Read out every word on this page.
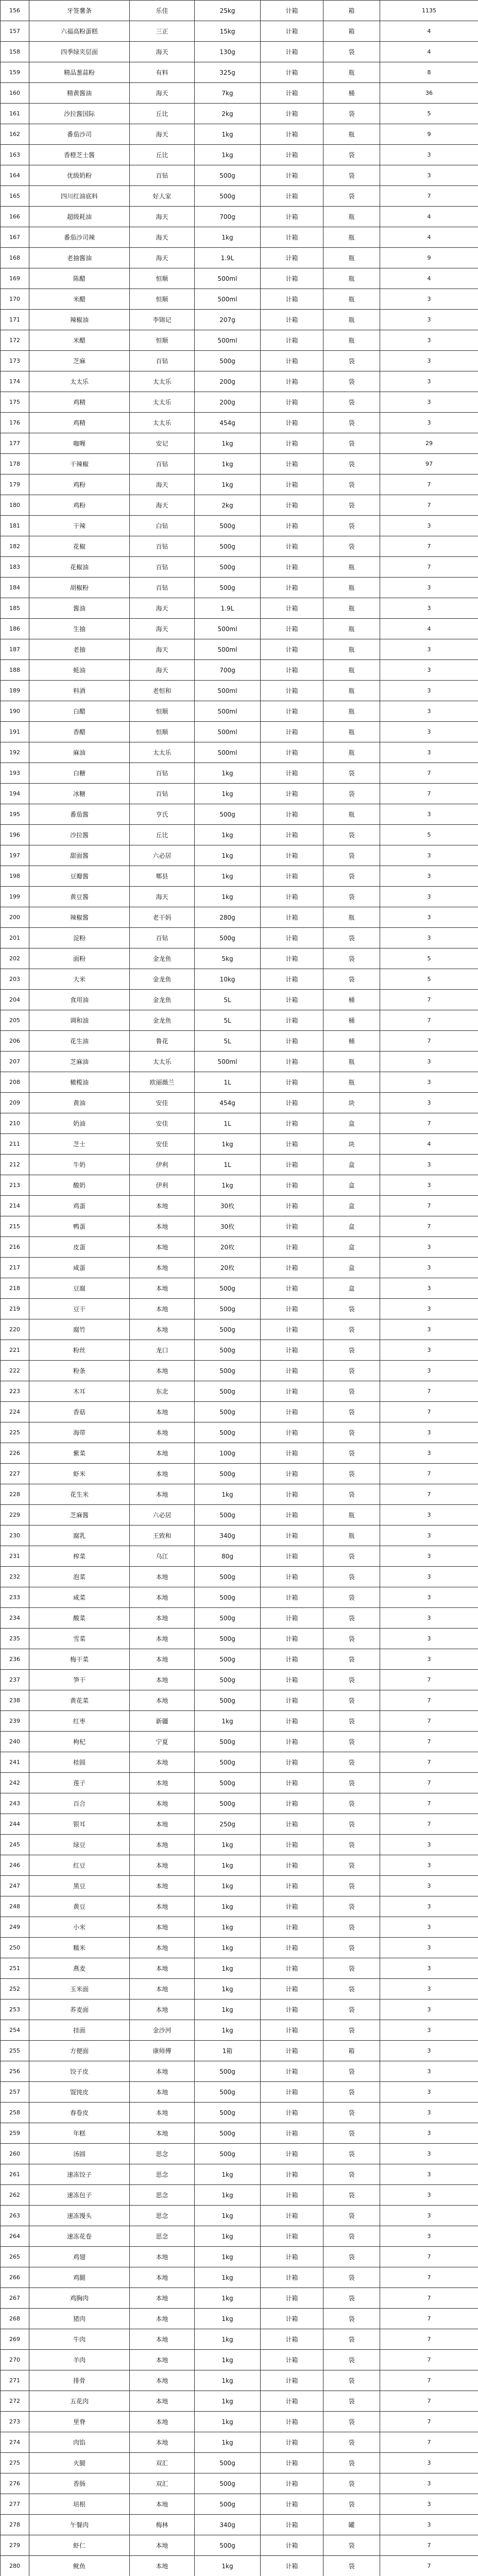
156	牙签薯条	乐佳	25kg	计箱	箱	1135
157	六福高粉蛋糕	三正	15kg	计箱	箱	4
158	四季绿夹层面	海天	130g	计箱	袋	4
159	精品葱蒜粉	有料	325g	计箱	瓶	8
160	精黄酱油	海天	7kg	计箱	桶	36
161	沙拉酱国际	丘比	2kg	计箱	袋	5
162	番茄沙司	海天	1kg	计箱	瓶	9
163	香橙芝士酱	丘比	1kg	计箱	袋	3
164	优级奶粉	百钻	500g	计箱	袋	3
165	四川红油底料	好人家	500g	计箱	袋	7
166	超级耗油	海天	700g	计箱	瓶	4
167	番茄沙司辣	海天	1kg	计箱	瓶	4
168	老抽酱油	海天	1.9L	计箱	瓶	9
169	陈醋	恒顺	500ml	计箱	瓶	4
170	米醋	恒顺	500ml	计箱	瓶	3
171	辣椒油	李锦记	207g	计箱	瓶	3
172	米醋	恒顺	500ml	计箱	瓶	3
173	芝麻	百钻	500g	计箱	袋	3
174	太太乐	太太乐	200g	计箱	袋	3
175	鸡精	太太乐	200g	计箱	袋	3
176	鸡精	太太乐	454g	计箱	袋	3
177	咖喱	安记	1kg	计箱	袋	29
178	干辣椒	百钻	1kg	计箱	袋	97
179	鸡粉	海天	1kg	计箱	袋	7
180	鸡粉	海天	2kg	计箱	袋	7
181	干辣	白钻	500g	计箱	袋	3
182	花椒	百钻	500g	计箱	袋	7
183	花椒油	百钻	500g	计箱	瓶	7
184	胡椒粉	百钻	500g	计箱	瓶	3
185	酱油	海天	1.9L	计箱	瓶	3
186	生抽	海天	500ml	计箱	瓶	4
187	老抽	海天	500ml	计箱	瓶	3
188	蚝油	海天	700g	计箱	瓶	3
189	料酒	老恒和	500ml	计箱	瓶	3
190	白醋	恒顺	500ml	计箱	瓶	3
191	香醋	恒顺	500ml	计箱	瓶	3
192	麻油	太太乐	500ml	计箱	瓶	3
193	白糖	百钻	1kg	计箱	袋	7
194	冰糖	百钻	1kg	计箱	袋	7
195	番茄酱	亨氏	500g	计箱	瓶	3
196	沙拉酱	丘比	1kg	计箱	袋	5
197	甜面酱	六必居	1kg	计箱	袋	3
198	豆瓣酱	郫县	1kg	计箱	袋	3
199	黄豆酱	海天	1kg	计箱	袋	3
200	辣椒酱	老干妈	280g	计箱	瓶	3
201	淀粉	百钻	500g	计箱	袋	3
202	面粉	金龙鱼	5kg	计箱	袋	5
203	大米	金龙鱼	10kg	计箱	袋	5
204	食用油	金龙鱼	5L	计箱	桶	7
205	调和油	金龙鱼	5L	计箱	桶	7
206	花生油	鲁花	5L	计箱	桶	7
207	芝麻油	太太乐	500ml	计箱	瓶	3
208	橄榄油	欧丽薇兰	1L	计箱	瓶	3
209	黄油	安佳	454g	计箱	块	3
210	奶油	安佳	1L	计箱	盒	7
211	芝士	安佳	1kg	计箱	块	4
212	牛奶	伊利	1L	计箱	盒	3
213	酸奶	伊利	1kg	计箱	盒	3
214	鸡蛋	本地	30枚	计箱	盒	7
215	鸭蛋	本地	30枚	计箱	盒	7
216	皮蛋	本地	20枚	计箱	盒	3
217	咸蛋	本地	20枚	计箱	盒	3
218	豆腐	本地	500g	计箱	盒	3
219	豆干	本地	500g	计箱	袋	3
220	腐竹	本地	500g	计箱	袋	3
221	粉丝	龙口	500g	计箱	袋	3
222	粉条	本地	500g	计箱	袋	3
223	木耳	东北	500g	计箱	袋	7
224	香菇	本地	500g	计箱	袋	7
225	海带	本地	500g	计箱	袋	3
226	紫菜	本地	100g	计箱	袋	3
227	虾米	本地	500g	计箱	袋	7
228	花生米	本地	1kg	计箱	袋	7
229	芝麻酱	六必居	500g	计箱	瓶	3
230	腐乳	王致和	340g	计箱	瓶	3
231	榨菜	乌江	80g	计箱	袋	3
232	泡菜	本地	500g	计箱	袋	3
233	咸菜	本地	500g	计箱	袋	3
234	酸菜	本地	500g	计箱	袋	3
235	雪菜	本地	500g	计箱	袋	3
236	梅干菜	本地	500g	计箱	袋	3
237	笋干	本地	500g	计箱	袋	7
238	黄花菜	本地	500g	计箱	袋	7
239	红枣	新疆	1kg	计箱	袋	7
240	枸杞	宁夏	500g	计箱	袋	7
241	桂圆	本地	500g	计箱	袋	7
242	莲子	本地	500g	计箱	袋	7
243	百合	本地	500g	计箱	袋	7
244	银耳	本地	250g	计箱	袋	7
245	绿豆	本地	1kg	计箱	袋	3
246	红豆	本地	1kg	计箱	袋	3
247	黑豆	本地	1kg	计箱	袋	3
248	黄豆	本地	1kg	计箱	袋	3
249	小米	本地	1kg	计箱	袋	3
250	糯米	本地	1kg	计箱	袋	3
251	燕麦	本地	1kg	计箱	袋	3
252	玉米面	本地	1kg	计箱	袋	3
253	荞麦面	本地	1kg	计箱	袋	3
254	挂面	金沙河	1kg	计箱	袋	3
255	方便面	康师傅	1箱	计箱	箱	3
256	饺子皮	本地	500g	计箱	袋	3
257	馄饨皮	本地	500g	计箱	袋	3
258	春卷皮	本地	500g	计箱	袋	3
259	年糕	本地	500g	计箱	袋	3
260	汤圆	思念	500g	计箱	袋	3
261	速冻饺子	思念	1kg	计箱	袋	3
262	速冻包子	思念	1kg	计箱	袋	3
263	速冻馒头	思念	1kg	计箱	袋	3
264	速冻花卷	思念	1kg	计箱	袋	3
265	鸡翅	本地	1kg	计箱	袋	7
266	鸡腿	本地	1kg	计箱	袋	7
267	鸡胸肉	本地	1kg	计箱	袋	7
268	猪肉	本地	1kg	计箱	袋	7
269	牛肉	本地	1kg	计箱	袋	7
270	羊肉	本地	1kg	计箱	袋	7
271	排骨	本地	1kg	计箱	袋	7
272	五花肉	本地	1kg	计箱	袋	7
273	里脊	本地	1kg	计箱	袋	7
274	肉馅	本地	1kg	计箱	袋	7
275	火腿	双汇	500g	计箱	袋	3
276	香肠	双汇	500g	计箱	袋	3
277	培根	本地	500g	计箱	袋	3
278	午餐肉	梅林	340g	计箱	罐	3
279	虾仁	本地	500g	计箱	袋	7
280	鱿鱼	本地	1kg	计箱	袋	7
